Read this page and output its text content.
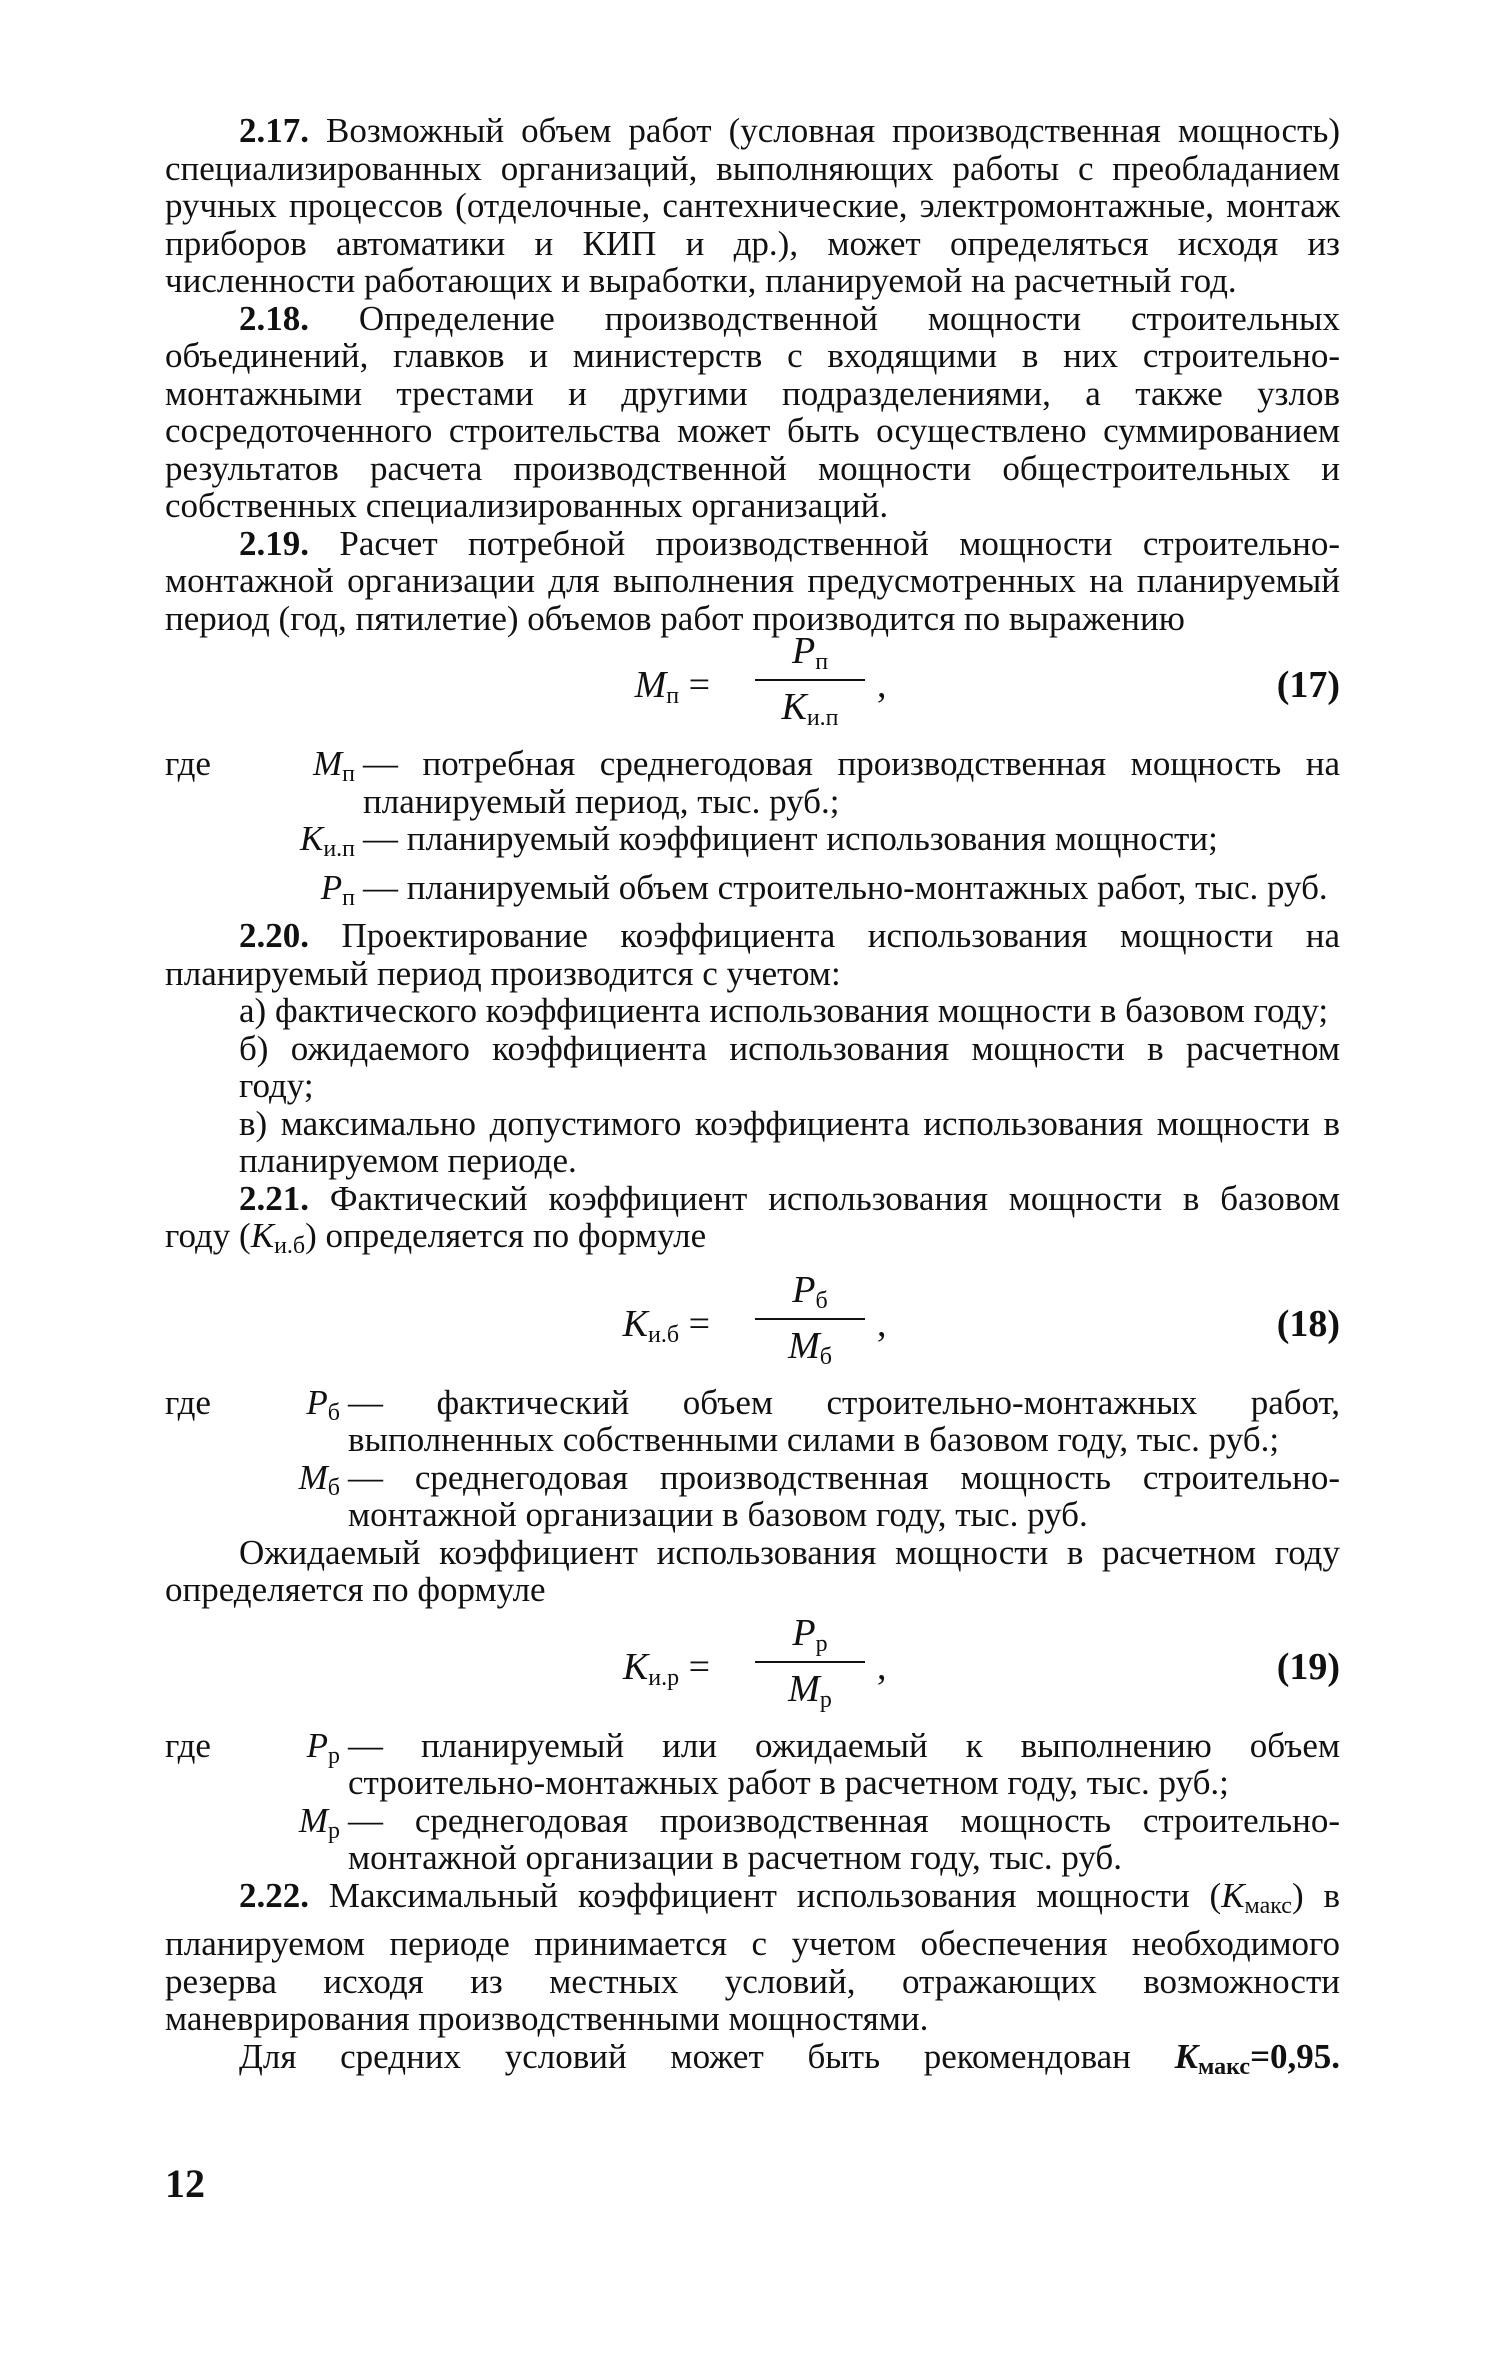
2.17. Возможный объем работ (условная производственная мощность) специализированных организаций, выполняющих работы с преобладанием ручных процессов (отделочные, сантехнические, электромонтажные, монтаж приборов автоматики и КИП и др.), может определяться исходя из численности работающих и выработки, планируемой на расчетный год.

2.18. Определение производственной мощности строительных объединений, главков и министерств с входящими в них строительно-монтажными трестами и другими подразделениями, а также узлов сосредоточенного строительства может быть осуществлено суммированием результатов расчета производственной мощности общестроительных и собственных специализированных организаций.

2.19. Расчет потребной производственной мощности строительно-монтажной организации для выполнения предусмотренных на планируемый период (год, пятилетие) объемов работ производится по выражению

$M_п$ =
$P_п$
$K_{и.п}$
,	(17)
где	$M_п$ — потребная среднегодовая производственная мощность на планируемый период, тыс. руб.;
$K_{и.п}$ — планируемый коэффициент использования мощности;
$P_п$ — планируемый объем строительно-монтажных работ, тыс. руб.

2.20. Проектирование коэффициента использования мощности на планируемый период производится с учетом:

а) фактического коэффициента использования мощности в базовом году;

б) ожидаемого коэффициента использования мощности в расчетном году;

в) максимально допустимого коэффициента использования мощности в планируемом периоде.

2.21. Фактический коэффициент использования мощности в базовом году $(K_{и.б})$ определяется по формуле

$K_{и.б}$ =
$P_б$
$M_б$
,	(18)
где	$P_б$ — фактический объем строительно-монтажных работ, выполненных собственными силами в базовом году, тыс. руб.;
$M_б$ — среднегодовая производственная мощность строительно-монтажной организации в базовом году, тыс. руб.

Ожидаемый коэффициент использования мощности в расчетном году определяется по формуле

$K_{и.р}$ =
$P_р$
$M_р$
,	(19)
где	$P_р$ — планируемый или ожидаемый к выполнению объем строительно-монтажных работ в расчетном году, тыс. руб.;
$M_р$ — среднегодовая производственная мощность строительно-монтажной организации в расчетном году, тыс. руб.

2.22. Максимальный коэффициент использования мощности $(K_{макс})$ в планируемом периоде принимается с учетом обеспечения необходимого резерва исходя из местных условий, отражающих возможности маневрирования производственными мощностями.

Для средних условий может быть рекомендован $K_{макс}=0,95$.

12
